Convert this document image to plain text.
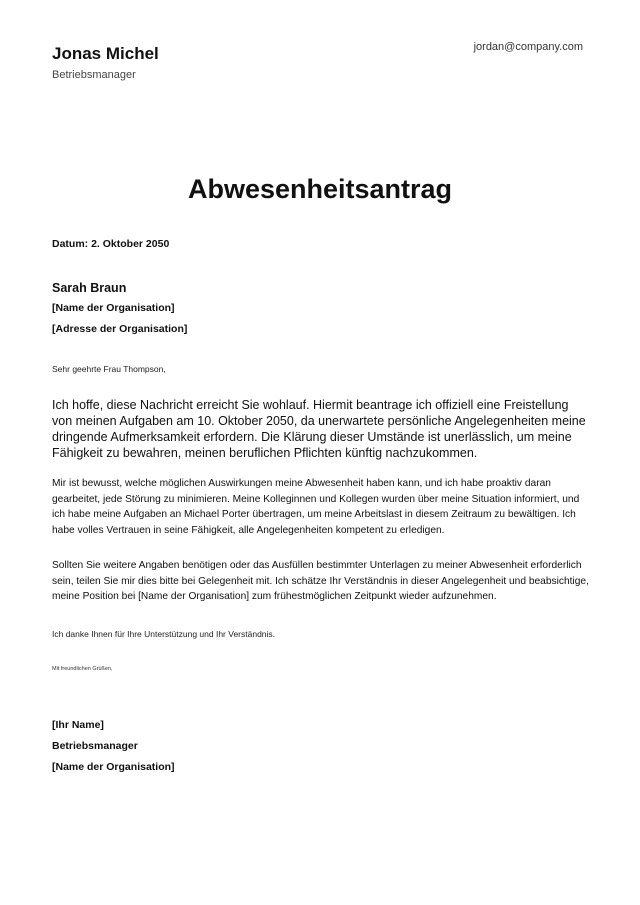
Jonas Michel
Betriebsmanager
jordan@company.com
Abwesenheitsantrag
Datum: 2. Oktober 2050
Sarah Braun
[Name der Organisation]
[Adresse der Organisation]
Sehr geehrte Frau Thompson,

Ich hoffe, diese Nachricht erreicht Sie wohlauf. Hiermit beantrage ich offiziell eine Freistellung von meinen Aufgaben am 10. Oktober 2050, da unerwartete persönliche Angelegenheiten meine dringende Aufmerksamkeit erfordern. Die Klärung dieser Umstände ist unerlässlich, um meine Fähigkeit zu bewahren, meinen beruflichen Pflichten künftig nachzukommen.

Mir ist bewusst, welche möglichen Auswirkungen meine Abwesenheit haben kann, und ich habe proaktiv daran gearbeitet, jede Störung zu minimieren. Meine Kolleginnen und Kollegen wurden über meine Situation informiert, und ich habe meine Aufgaben an Michael Porter übertragen, um meine Arbeitslast in diesem Zeitraum zu bewältigen. Ich habe volles Vertrauen in seine Fähigkeit, alle Angelegenheiten kompetent zu erledigen.

Sollten Sie weitere Angaben benötigen oder das Ausfüllen bestimmter Unterlagen zu meiner Abwesenheit erforderlich sein, teilen Sie mir dies bitte bei Gelegenheit mit. Ich schätze Ihr Verständnis in dieser Angelegenheit und beabsichtige, meine Position bei [Name der Organisation] zum frühestmöglichen Zeitpunkt wieder aufzunehmen.

Ich danke Ihnen für Ihre Unterstützung und Ihr Verständnis.
Mit freundlichen Grüßen,
[Ihr Name]
Betriebsmanager
[Name der Organisation]
